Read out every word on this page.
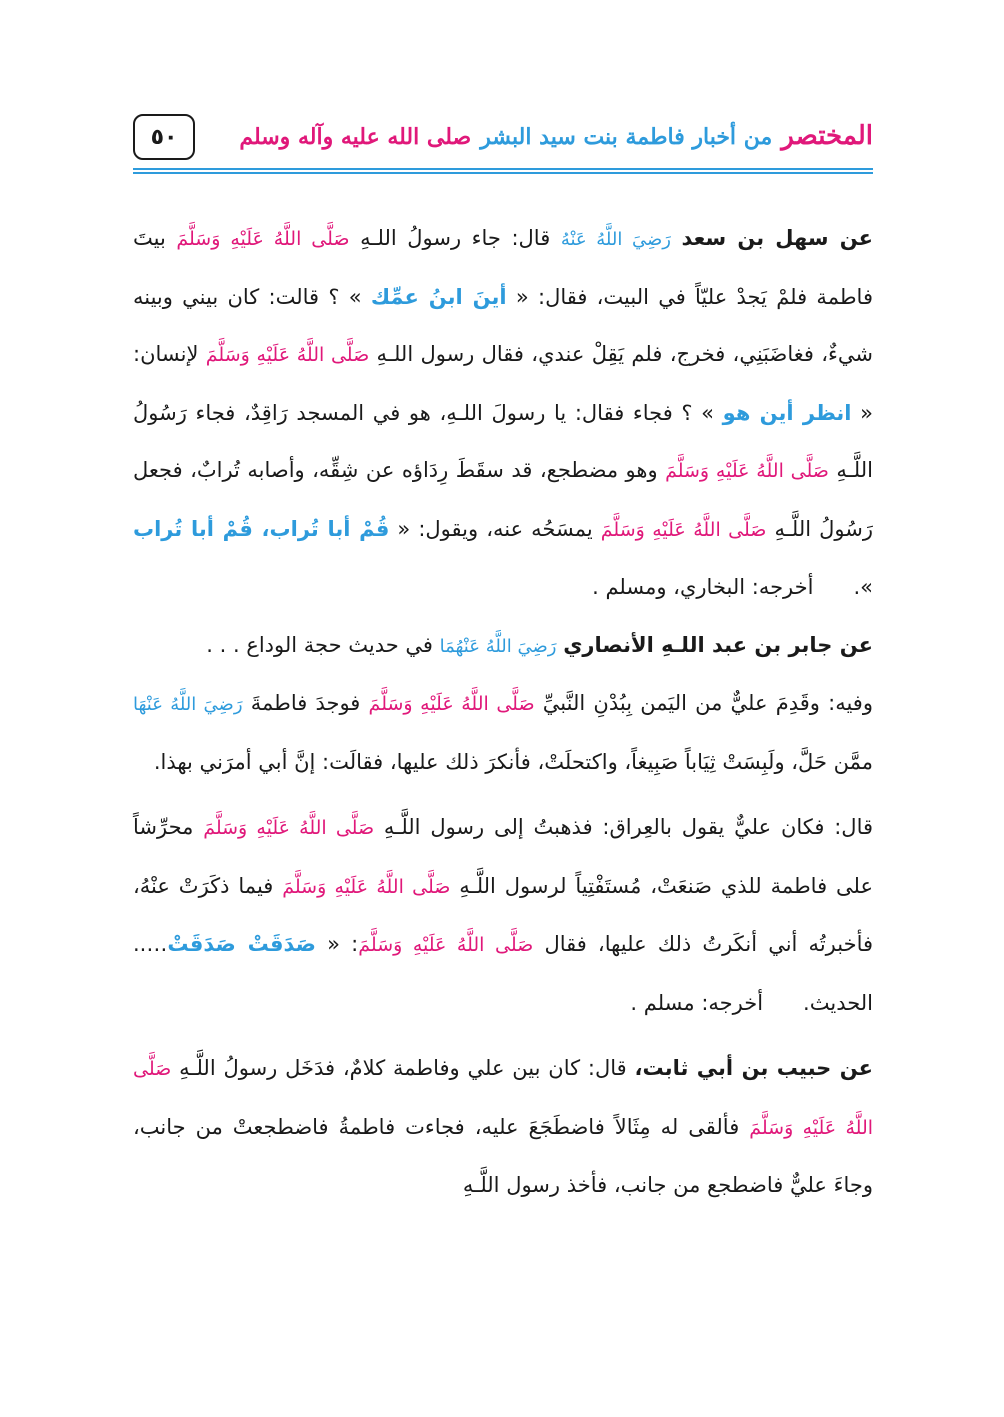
٥٠	المختصر من أخبار فاطمة بنت سيد البشر صلى الله عليه وآله وسلم

عن سهل بن سعد رَضِيَ اللَّهُ عَنْهُ قال: جاء رسولُ اللـهِ صَلَّى اللَّهُ عَلَيْهِ وَسَلَّمَ بيتَ فاطمة فلمْ يَجدْ عليّاً في البيت، فقال: « أينَ ابنُ عمِّك » ؟ قالت: كان بيني وبينه شيءٌ، فغاضَبَنِي، فخرج، فلم يَقِلْ عندي، فقال رسول اللـهِ صَلَّى اللَّهُ عَلَيْهِ وَسَلَّمَ لإنسان: « انظر أين هو » ؟ فجاء فقال: يا رسولَ اللـهِ، هو في المسجد رَاقِدٌ، فجاء رَسُولُ اللَّـهِ صَلَّى اللَّهُ عَلَيْهِ وَسَلَّمَ وهو مضطجع، قد سقَطَ رِدَاؤه عن شِقِّه، وأصابه تُرابٌ، فجعل رَسُولُ اللَّـهِ صَلَّى اللَّهُ عَلَيْهِ وَسَلَّمَ يمسَحُه عنه، ويقول: « قُمْ أبا تُراب، قُمْ أبا تُراب ».أخرجه: البخاري، ومسلم .

عن جابر بن عبد اللـهِ الأنصاري رَضِيَ اللَّهُ عَنْهُمَا في حديث حجة الوداع . . .

وفيه: وقَدِمَ عليٌّ من اليَمن بِبُدْنِ النَّبيِّ صَلَّى اللَّهُ عَلَيْهِ وَسَلَّمَ فوجدَ فاطمةَ رَضِيَ اللَّهُ عَنْهَا ممَّن حَلَّ، ولَبِسَتْ ثِيَاباً صَبِيغاً، واكتحلَتْ، فأنكرَ ذلك عليها، فقالَت: إنَّ أبي أمرَني بهذا.

قال: فكان عليٌّ يقول بالعِراق: فذهبتُ إلى رسول اللَّـهِ صَلَّى اللَّهُ عَلَيْهِ وَسَلَّمَ محرِّشاً على فاطمة للذي صَنعَتْ، مُستَفْتِياً لرسول اللَّـهِ صَلَّى اللَّهُ عَلَيْهِ وَسَلَّمَ فيما ذكَرَتْ عنْهُ، فأخبرتُه أني أنكَرتُ ذلك عليها، فقال صَلَّى اللَّهُ عَلَيْهِ وَسَلَّمَ: « صَدَقَتْ صَدَقَتْ….. الحديث.أخرجه: مسلم .

عن حبيب بن أبي ثابت، قال: كان بين علي وفاطمة كلامٌ، فدَخَل رسولُ اللَّـهِ صَلَّى اللَّهُ عَلَيْهِ وَسَلَّمَ فألقى له مِثَالاً فاضطَجَعَ عليه، فجاءت فاطمةُ فاضطجعتْ من جانب، وجاءَ عليٌّ فاضطجع من جانب، فأخذ رسول اللَّـهِ
